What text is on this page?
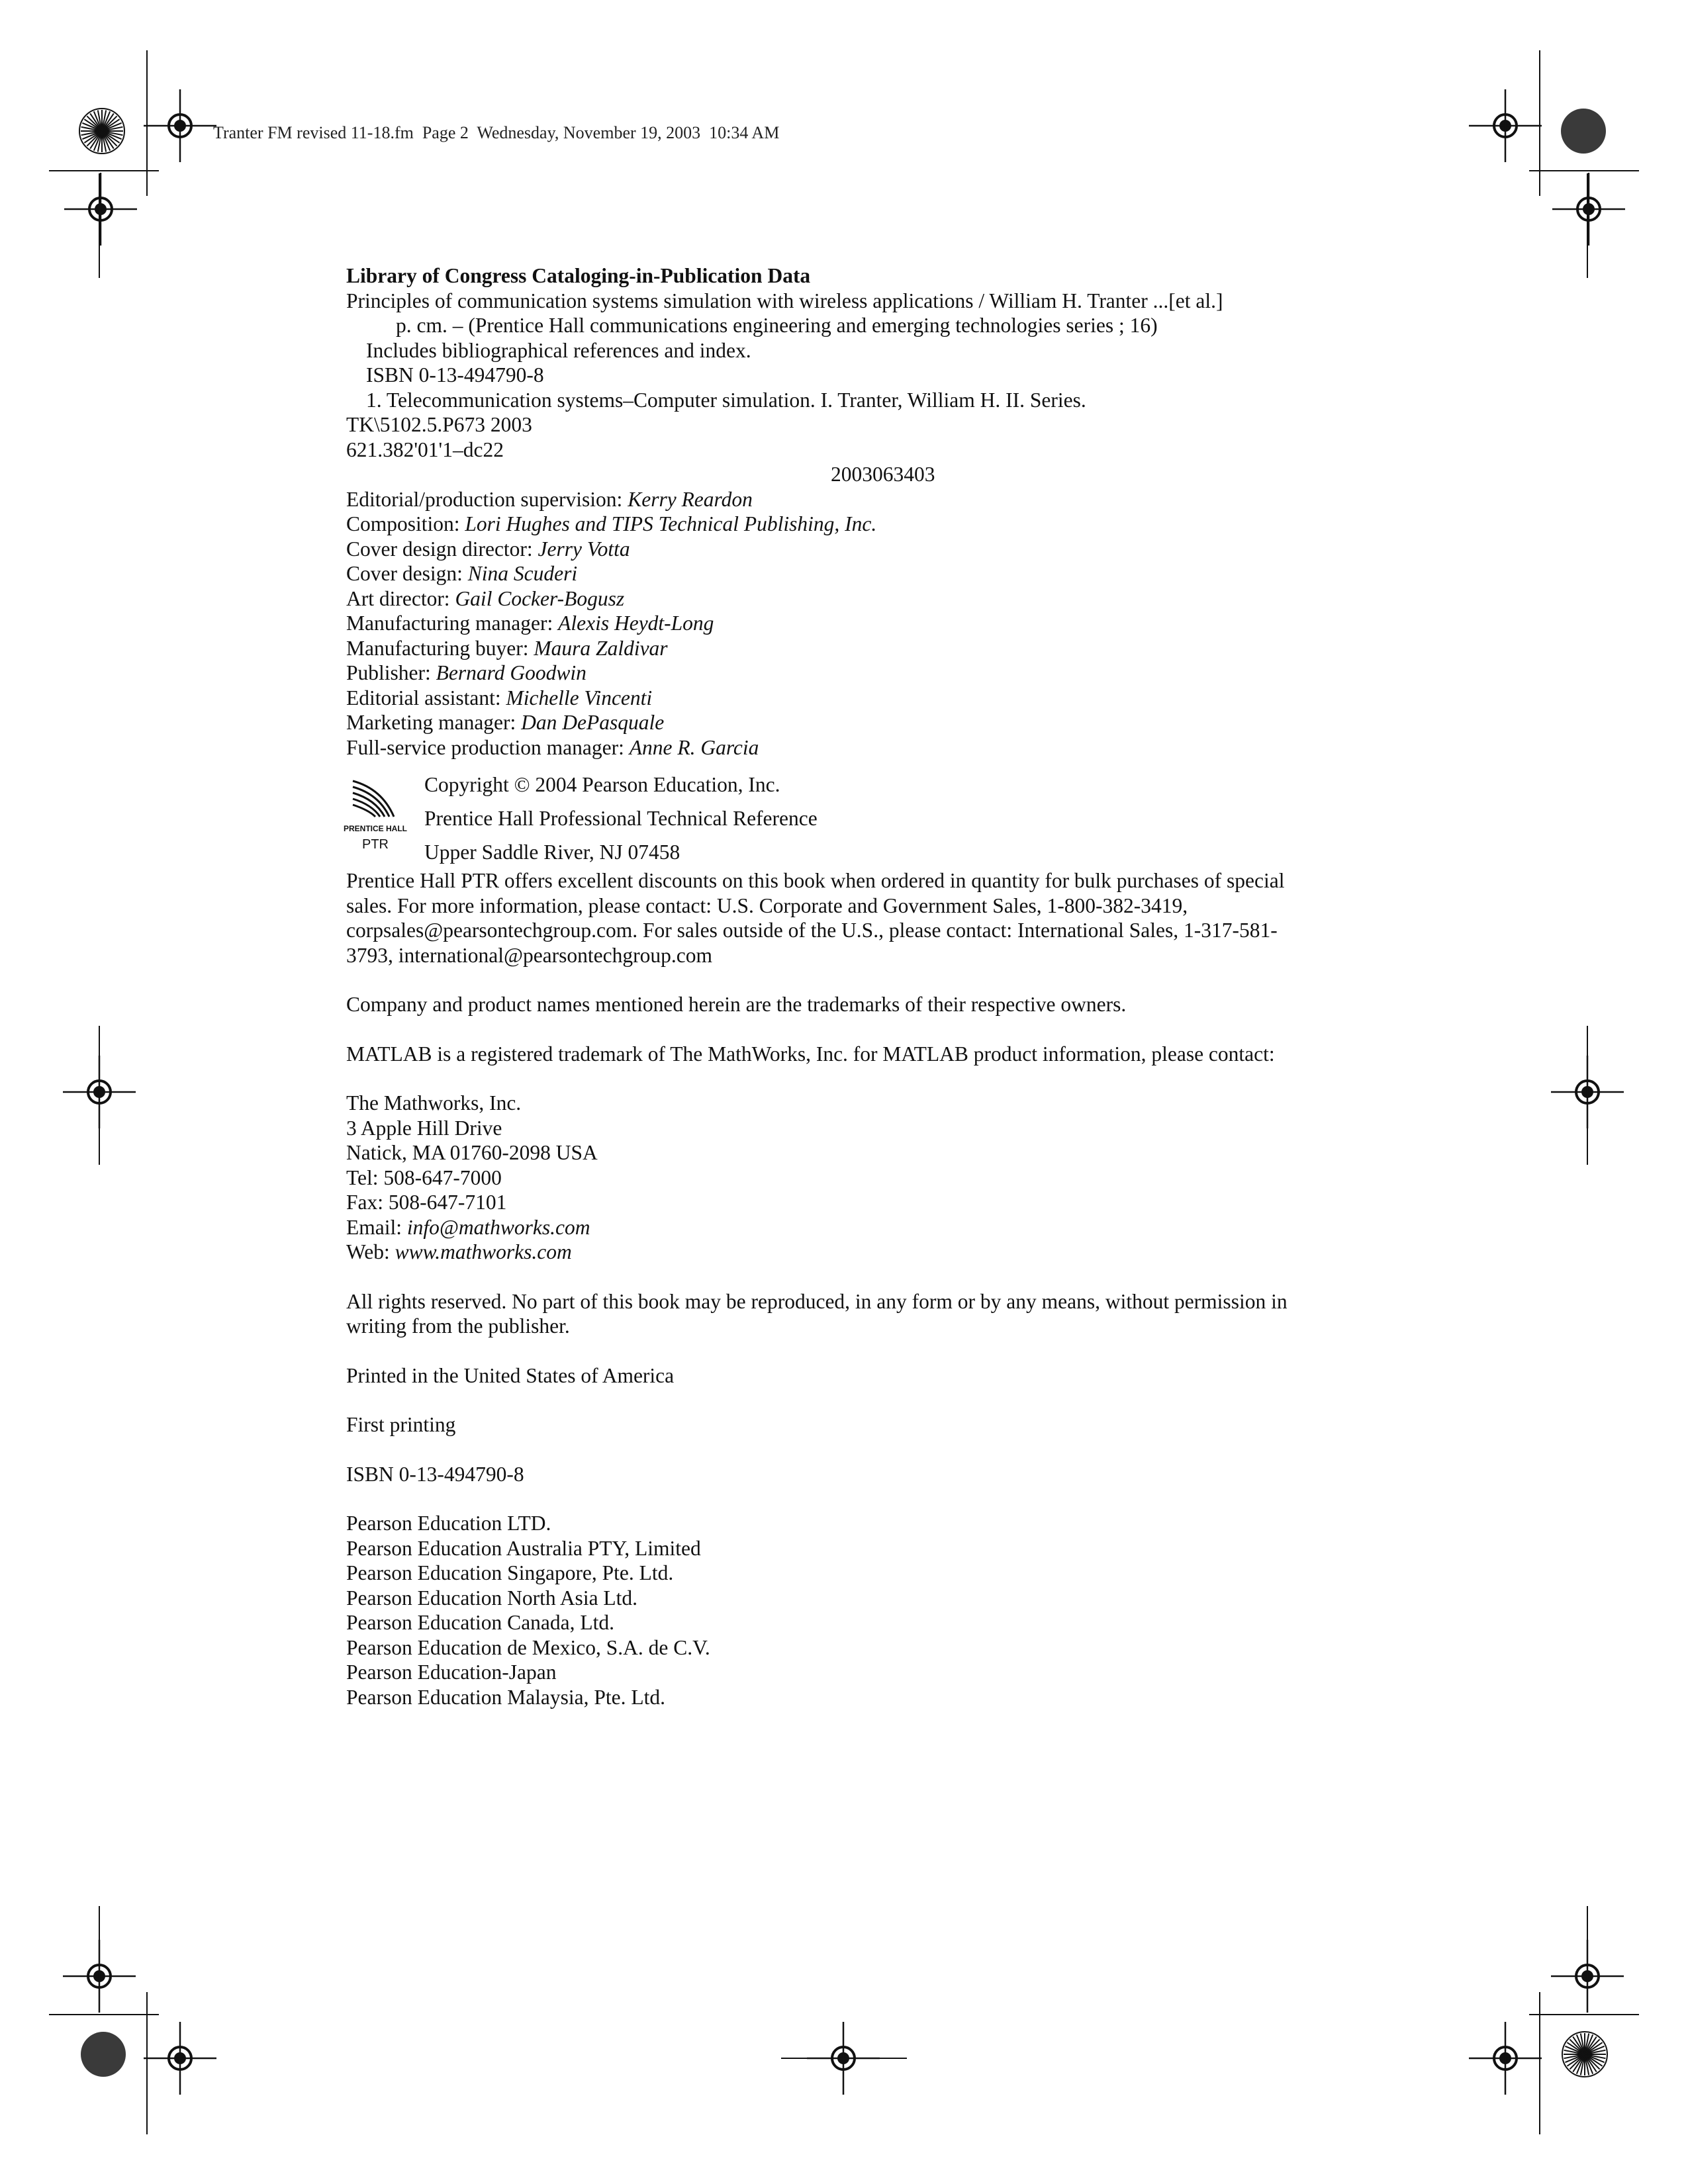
Tranter FM revised 11-18.fm  Page 2  Wednesday, November 19, 2003  10:34 AM

Library of Congress Cataloging-in-Publication Data

Principles of communication systems simulation with wireless applications / William H. Tranter ...[et al.]

p. cm. – (Prentice Hall communications engineering and emerging technologies series ; 16)

Includes bibliographical references and index.

ISBN 0-13-494790-8

1. Telecommunication systems–Computer simulation. I. Tranter, William H. II. Series.

TK\5102.5.P673 2003

621.382'01'1–dc22

2003063403

Editorial/production supervision: Kerry Reardon

Composition: Lori Hughes and TIPS Technical Publishing, Inc.

Cover design director: Jerry Votta

Cover design: Nina Scuderi

Art director: Gail Cocker-Bogusz

Manufacturing manager: Alexis Heydt-Long

Manufacturing buyer: Maura Zaldivar

Publisher: Bernard Goodwin

Editorial assistant: Michelle Vincenti

Marketing manager: Dan DePasquale

Full-service production manager: Anne R. Garcia

PRENTICE HALL
PTR

Copyright © 2004 Pearson Education, Inc.

Prentice Hall Professional Technical Reference

Upper Saddle River, NJ 07458

Prentice Hall PTR offers excellent discounts on this book when ordered in quantity for bulk purchases of special

sales. For more information, please contact: U.S. Corporate and Government Sales, 1-800-382-3419,

corpsales@pearsontechgroup.com. For sales outside of the U.S., please contact: International Sales, 1-317-581-

3793, international@pearsontechgroup.com

Company and product names mentioned herein are the trademarks of their respective owners.

MATLAB is a registered trademark of The MathWorks, Inc. for MATLAB product information, please contact:

The Mathworks, Inc.

3 Apple Hill Drive

Natick, MA 01760-2098 USA

Tel: 508-647-7000

Fax: 508-647-7101

Email: info@mathworks.com

Web: www.mathworks.com

All rights reserved. No part of this book may be reproduced, in any form or by any means, without permission in

writing from the publisher.

Printed in the United States of America

First printing

ISBN 0-13-494790-8

Pearson Education LTD.

Pearson Education Australia PTY, Limited

Pearson Education Singapore, Pte. Ltd.

Pearson Education North Asia Ltd.

Pearson Education Canada, Ltd.

Pearson Education de Mexico, S.A. de C.V.

Pearson Education-Japan

Pearson Education Malaysia, Pte. Ltd.
